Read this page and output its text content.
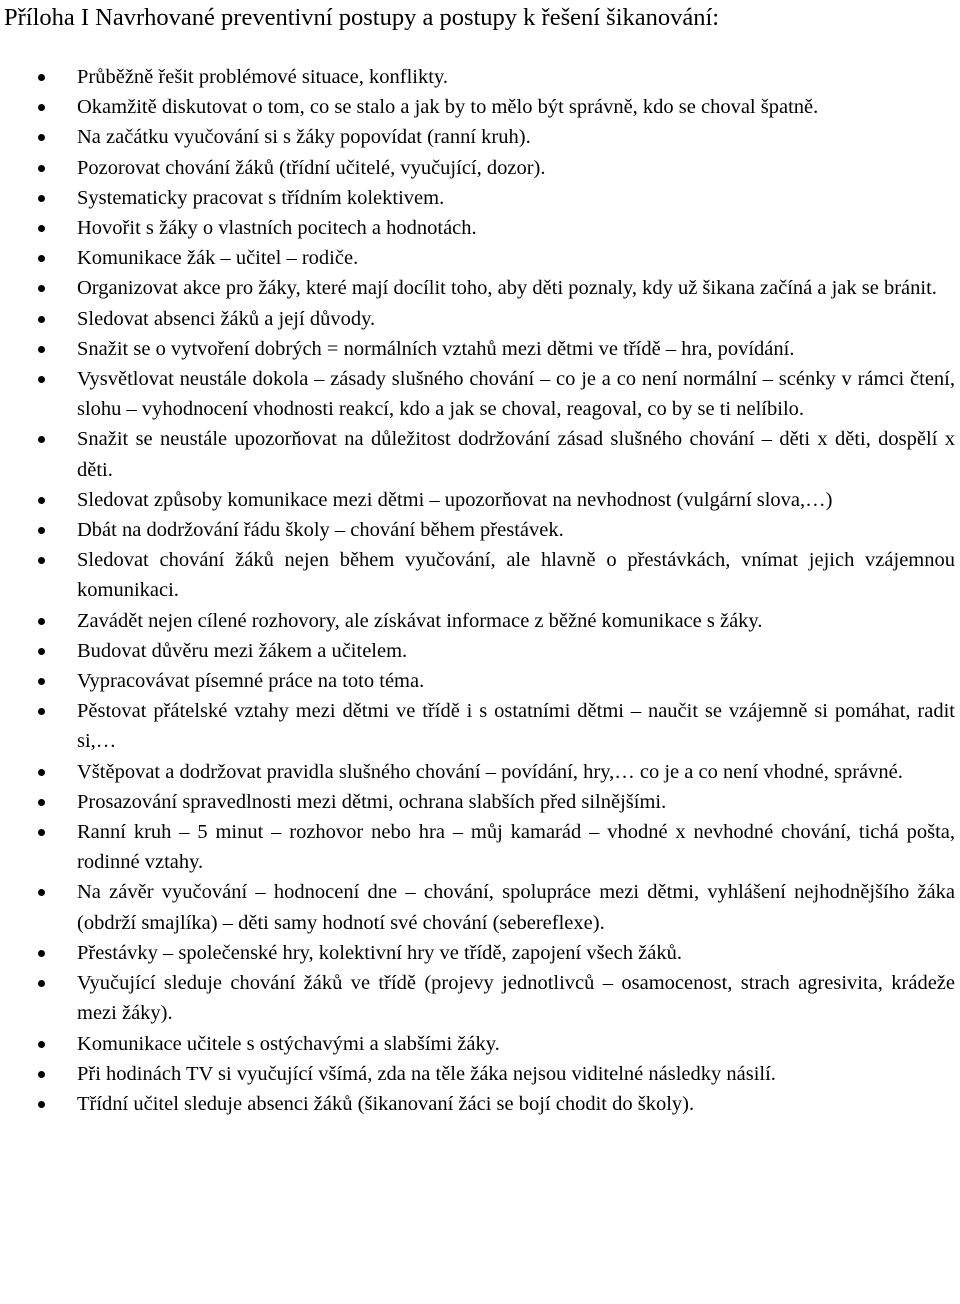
Příloha I Navrhované preventivní postupy a postupy k řešení šikanování:
Průběžně řešit problémové situace, konflikty.
Okamžitě diskutovat o tom, co se stalo a jak by to mělo být správně, kdo se choval špatně.
Na začátku vyučování si s žáky popovídat (ranní kruh).
Pozorovat chování žáků (třídní učitelé, vyučující, dozor).
Systematicky pracovat s třídním kolektivem.
Hovořit s žáky o vlastních pocitech a hodnotách.
Komunikace žák – učitel – rodiče.
Organizovat akce pro žáky, které mají docílit toho, aby děti poznaly, kdy už šikana začíná a jak se bránit.
Sledovat absenci žáků a její důvody.
Snažit se o vytvoření dobrých = normálních vztahů mezi dětmi ve třídě – hra, povídání.
Vysvětlovat neustále dokola – zásady slušného chování – co je a co není normální – scénky v rámci čtení, slohu – vyhodnocení vhodnosti reakcí, kdo a jak se choval, reagoval, co by se ti nelíbilo.
Snažit se neustále upozorňovat na důležitost dodržování zásad slušného chování – děti x děti, dospělí x děti.
Sledovat způsoby komunikace mezi dětmi – upozorňovat na nevhodnost (vulgární slova,…)
Dbát na dodržování řádu školy – chování během přestávek.
Sledovat chování žáků nejen během vyučování, ale hlavně o přestávkách, vnímat jejich vzájemnou komunikaci.
Zavádět nejen cílené rozhovory, ale získávat informace z běžné komunikace s žáky.
Budovat důvěru mezi žákem a učitelem.
Vypracovávat písemné práce na toto téma.
Pěstovat přátelské vztahy mezi dětmi ve třídě i s ostatními dětmi – naučit se vzájemně si pomáhat, radit si,…
Vštěpovat a dodržovat pravidla slušného chování – povídání, hry,… co je a co není vhodné, správné.
Prosazování spravedlnosti mezi dětmi, ochrana slabších před silnějšími.
Ranní kruh – 5 minut – rozhovor nebo hra – můj kamarád – vhodné x nevhodné chování, tichá pošta, rodinné vztahy.
Na závěr vyučování – hodnocení dne – chování, spolupráce mezi dětmi, vyhlášení nejhodnějšího žáka (obdrží smajlíka) – děti samy hodnotí své chování (sebereflexe).
Přestávky – společenské hry, kolektivní hry ve třídě, zapojení všech žáků.
Vyučující sleduje chování žáků ve třídě (projevy jednotlivců – osamocenost, strach agresivita, krádeže mezi žáky).
Komunikace učitele s ostýchavými a slabšími žáky.
Při hodinách TV si vyučující všímá, zda na těle žáka nejsou viditelné následky násilí.
Třídní učitel sleduje absenci žáků (šikanovaní žáci se bojí chodit do školy).
